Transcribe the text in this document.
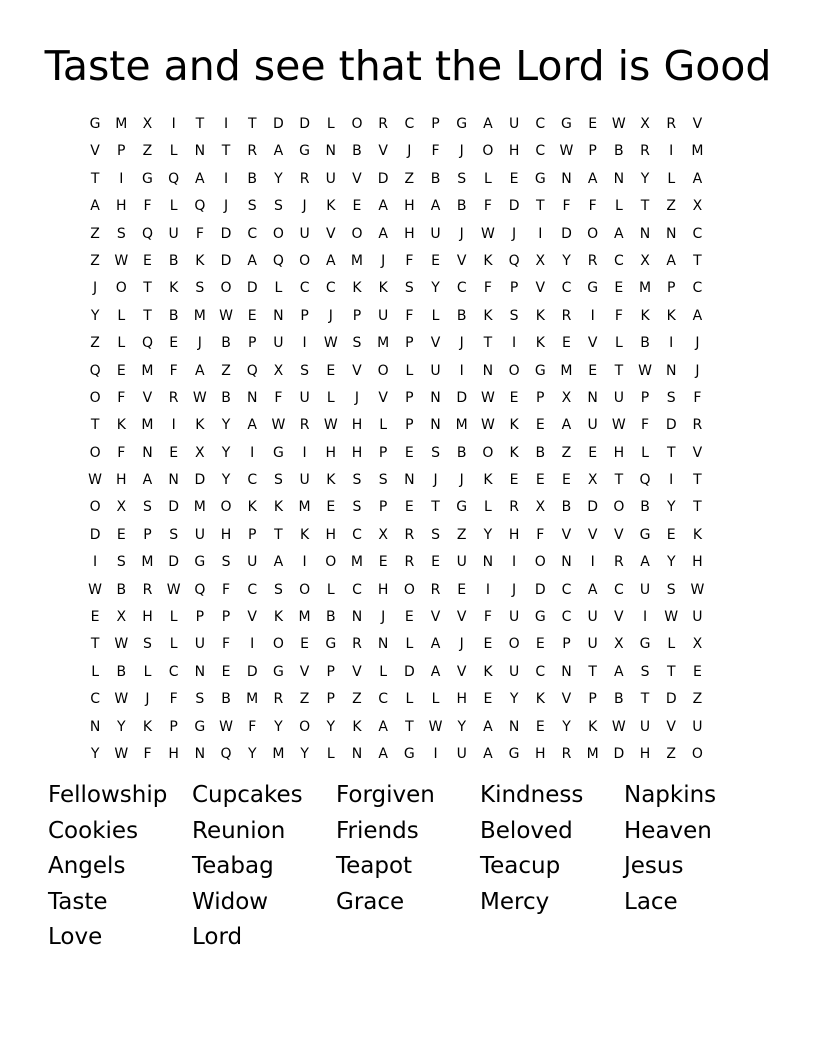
Taste and see that the Lord is Good
G	M	X	I	T	I	T	D	D	L	O	R	C	P	G	A	U	C	G	E	W	X	R	V
V	P	Z	L	N	T	R	A	G	N	B	V	J	F	J	O	H	C	W	P	B	R	I	M
T	I	G	Q	A	I	B	Y	R	U	V	D	Z	B	S	L	E	G	N	A	N	Y	L	A
A	H	F	L	Q	J	S	S	J	K	E	A	H	A	B	F	D	T	F	F	L	T	Z	X
Z	S	Q	U	F	D	C	O	U	V	O	A	H	U	J	W	J	I	D	O	A	N	N	C
Z	W	E	B	K	D	A	Q	O	A	M	J	F	E	V	K	Q	X	Y	R	C	X	A	T
J	O	T	K	S	O	D	L	C	C	K	K	S	Y	C	F	P	V	C	G	E	M	P	C
Y	L	T	B	M W	E	N	P	J	P	U	F	L	B	K	S	K	R	I	F	K	K	A
Z	L	Q	E	J	B	P	U	I	W	S	M	P	V	J	T	I	K	E	V	L	B	I	J
Q	E	M	F	A	Z	Q	X	S	E	V	O	L	U	I	N	O	G	M	E	T	W	N	J
O	F	V	R	W	B	N	F	U	L	J	V	P	N	D W	E	P	X	N	U	P	S	F
T	K	M	I	K	Y	A	W	R	W	H	L	P	N	M W	K	E	A	U	W	F	D	R
O	F	N	E	X	Y	I	G	I	H	H	P	E	S	B	O	K	B	Z	E	H	L	T	V
W	H	A	N	D	Y	C	S	U	K	S	S	N	J	J	K	E	E	E	X	T	Q	I	T
O	X	S	D	M	O	K	K	M	E	S	P	E	T	G	L	R	X	B	D	O	B	Y	T
D	E	P	S	U	H	P	T	K	H	C	X	R	S	Z	Y	H	F	V	V	V	G	E	K
I	S	M	D	G	S	U	A	I	O	M	E	R	E	U	N	I	O	N	I	R	A	Y	H
W	B	R	W Q	F	C	S	O	L	C	H	O	R	E	I	J	D	C	A	C	U	S	W
E	X	H	L	P	P	V	K	M	B	N	J	E	V	V	F	U	G	C	U	V	I	W	U
T	W	S	L	U	F	I	O	E	G	R	N	L	A	J	E	O	E	P	U	X	G	L	X
L	B	L	C	N	E	D	G	V	P	V	L	D	A	V	K	U	C	N	T	A	S	T	E
C	W	J	F	S	B	M	R	Z	P	Z	C	L	L	H	E	Y	K	V	P	B	T	D	Z
N	Y	K	P	G W	F	Y	O	Y	K	A	T	W	Y	A	N	E	Y	K	W	U	V	U
Y	W	F	H	N	Q	Y	M	Y	L	N	A	G	I	U	A	G	H	R	M	D	H	Z	O
Fellowship	Cupcakes	Forgiven	Kindness	Napkins
Cookies	Reunion	Friends	Beloved	Heaven
Angels	Teabag	Teapot	Teacup	Jesus
Taste	Widow	Grace	Mercy	Lace
Love	Lord
